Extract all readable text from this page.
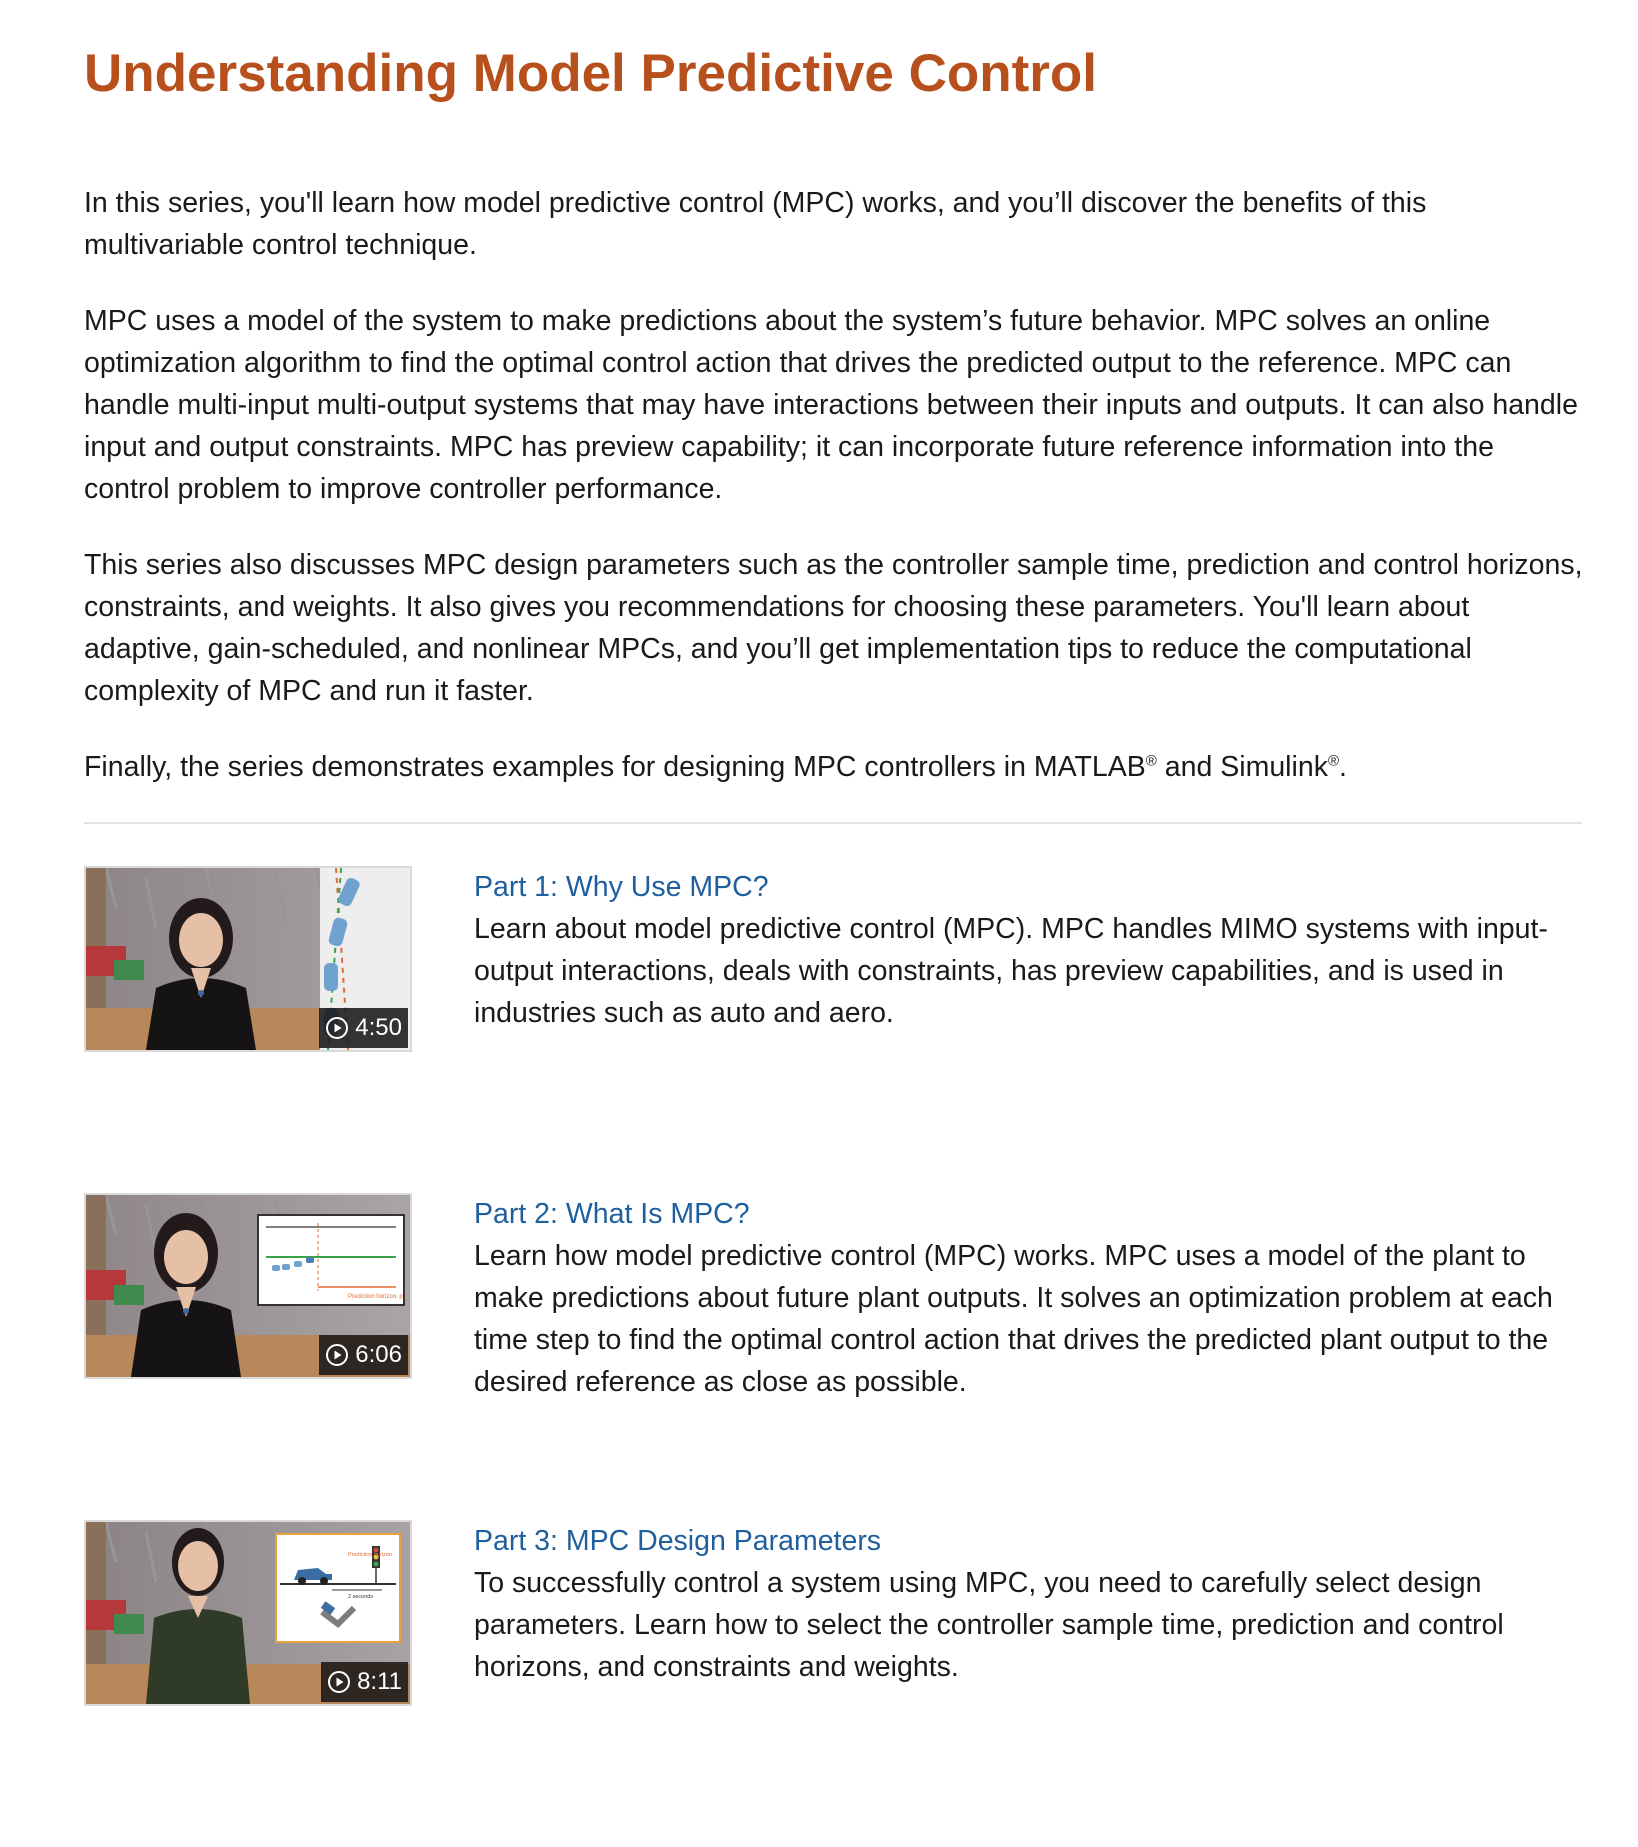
Understanding Model Predictive Control

In this series, you'll learn how model predictive control (MPC) works, and you’ll discover the benefits of this multivariable control technique.

MPC uses a model of the system to make predictions about the system’s future behavior. MPC solves an online optimization algorithm to find the optimal control action that drives the predicted output to the reference. MPC can handle multi-input multi-output systems that may have interactions between their inputs and outputs. It can also handle input and output constraints. MPC has preview capability; it can incorporate future reference information into the control problem to improve controller performance.

This series also discusses MPC design parameters such as the controller sample time, prediction and control horizons, constraints, and weights. It also gives you recommendations for choosing these parameters. You'll learn about adaptive, gain-scheduled, and nonlinear MPCs, and you’ll get implementation tips to reduce the computational complexity of MPC and run it faster.

Finally, the series demonstrates examples for designing MPC controllers in MATLAB® and Simulink®.

4:50
Part 1: Why Use MPC?

Learn about model predictive control (MPC). MPC handles MIMO systems with input-output interactions, deals with constraints, has preview capabilities, and is used in industries such as auto and aero.

Prediction horizon, p
6:06
Part 2: What Is MPC?

Learn how model predictive control (MPC) works. MPC uses a model of the plant to make predictions about future plant outputs. It solves an optimization problem at each time step to find the optimal control action that drives the predicted plant output to the desired reference as close as possible.

Prediction horizon
2 seconds
8:11
Part 3: MPC Design Parameters

To successfully control a system using MPC, you need to carefully select design parameters. Learn how to select the controller sample time, prediction and control horizons, and constraints and weights.
